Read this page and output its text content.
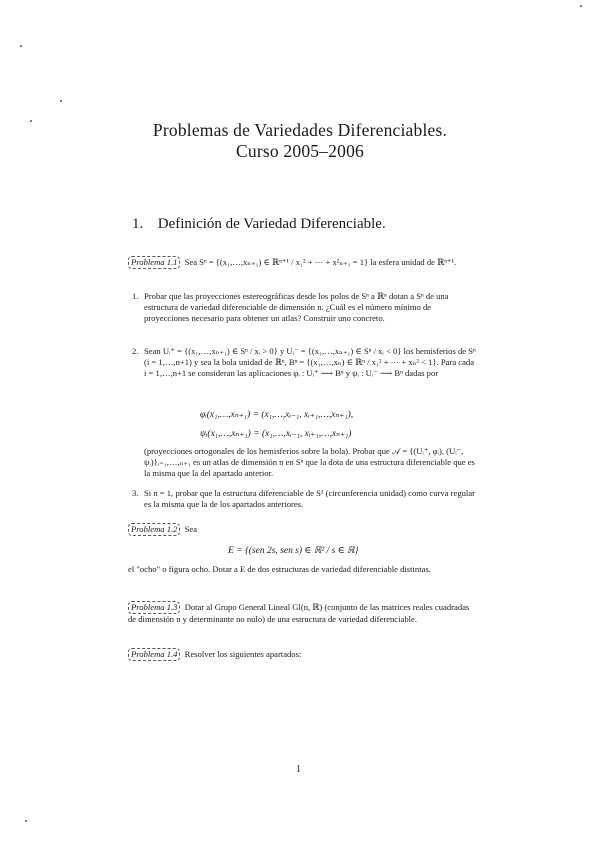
Problemas de Variedades Diferenciables.
Curso 2005–2006
1. Definición de Variedad Diferenciable.
Problema 1.1 Sea Sⁿ = {(x₁,…,xₙ₊₁) ∈ ℝⁿ⁺¹ / x₁² + ⋯ + x²ₙ₊₁ = 1} la esfera unidad de ℝⁿ⁺¹.
1. Probar que las proyecciones estereográficas desde los polos de Sⁿ a ℝⁿ dotan a Sⁿ de una estructura de variedad diferenciable de dimensión n. ¿Cuál es el número mínimo de proyecciones necesario para obtener un atlas? Construir uno concreto.
2. Sean Uᵢ⁺ = {(x₁,…,xₙ₊₁) ∈ Sⁿ / xᵢ > 0} y Uᵢ⁻ = {(x₁,…,xₙ₊₁) ∈ Sⁿ / xᵢ < 0} los hemisferios de Sⁿ (i = 1,…,n+1) y sea la bola unidad de ℝⁿ, Bⁿ = {(x₁,…,xₙ) ∈ ℝⁿ / x₁² + ⋯ + xₙ² < 1}. Para cada i = 1,…,n+1 se consideran las aplicaciones φᵢ : Uᵢ⁺ ⟶ Bⁿ y ψᵢ : Uᵢ⁻ ⟶ Bⁿ dadas por
φᵢ(x₁,…,xₙ₊₁) = (x₁,…,xᵢ₋₁, xᵢ₊₁,…,xₙ₊₁),
ψᵢ(x₁,…,xₙ₊₁) = (x₁,…,xᵢ₋₁, xᵢ₊₁,…,xₙ₊₁)
(proyecciones ortogonales de los hemisferios sobre la bola). Probar que 𝒜 = {(Uᵢ⁺, φᵢ), (Uᵢ⁻, ψᵢ)}ᵢ₌₁,…,ₙ₊₁ es un atlas de dimensión n en Sⁿ que la dota de una estructura diferenciable que es la misma que la del apartado anterior.
3. Si n = 1, probar que la estructura diferenciable de S¹ (circunferencia unidad) como curva regular es la misma que la de los apartados anteriores.
Problema 1.2 Sea
E = {(sen 2s, sen s) ∈ ℝ² / s ∈ ℝ}
el "ocho" o figura ocho. Dotar a E de dos estructuras de variedad diferenciable distintas.
Problema 1.3 Dotar al Grupo General Lineal Gl(n, ℝ) (conjunto de las matrices reales cuadradas de dimensión n y determinante no nulo) de una estructura de variedad diferenciable.
Problema 1.4 Resolver los siguientes apartados:
1
